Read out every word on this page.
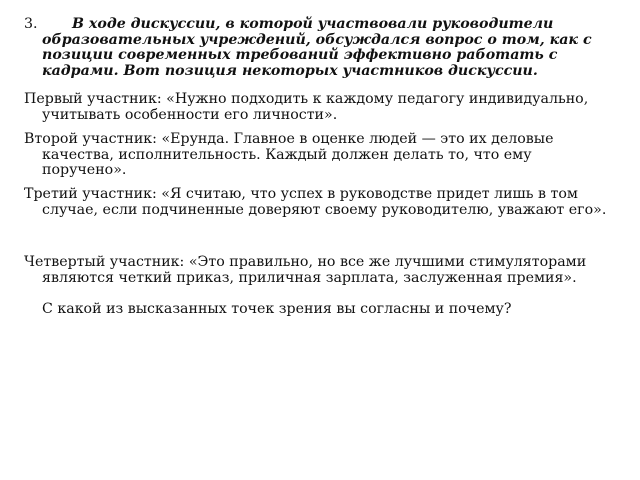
3.	В ходе дискуссии, в которой участвовали руководители образовательных учреждений, обсуждался вопрос о том, как с позиции современных требований эффективно работать с кадрами. Вот позиция некоторых участников дискуссии.
Первый участник: «Нужно подходить к каждому педагогу индивидуально, учитывать особенности его личности».
Второй участник: «Ерунда. Главное в оценке людей — это их деловые качества, исполнительность. Каждый должен делать то, что ему поручено».
Третий участник: «Я считаю, что успех в руководстве придет лишь в том случае, если подчиненные доверяют своему руководителю, уважают его».
Четвертый участник: «Это правильно, но все же лучшими стимуляторами являются четкий приказ, приличная зарплата, заслуженная премия».
С какой из высказанных точек зрения вы согласны и почему?
